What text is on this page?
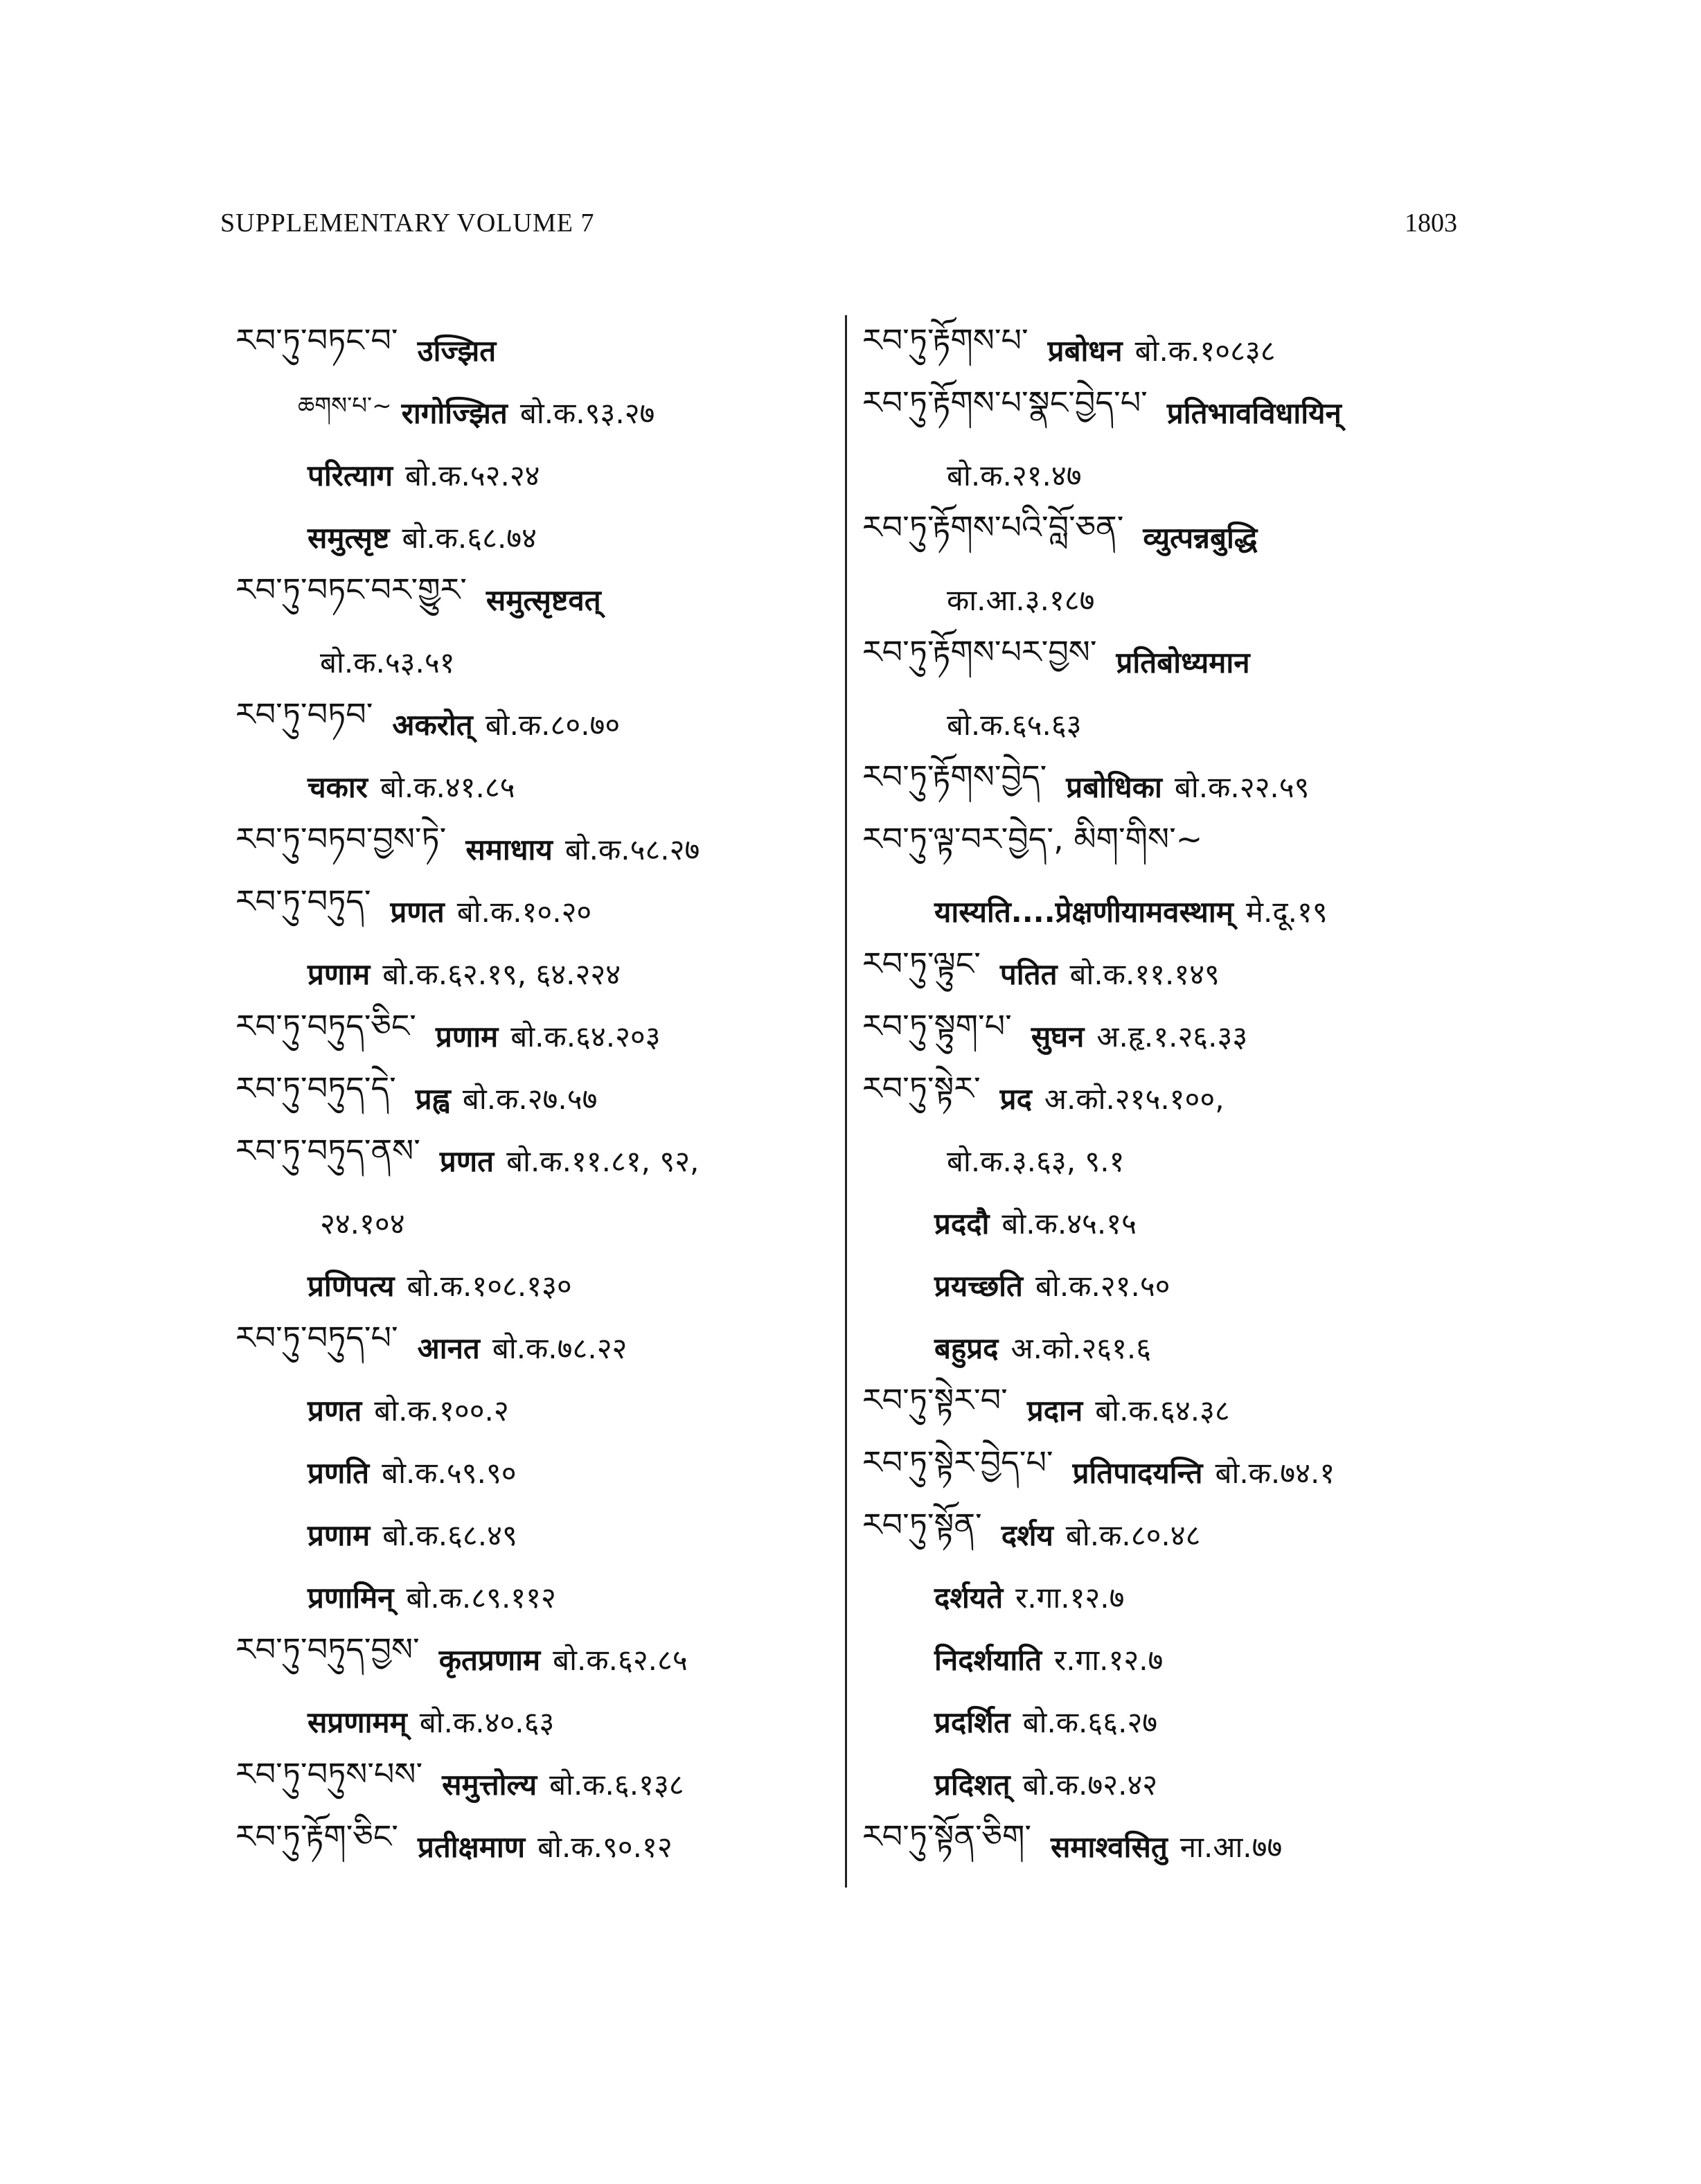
SUPPLEMENTARY VOLUME 7	1803
རབ་ཏུ་བཏང་བ་ उज्झित
ཆགས་པ་~ रागोज्झित बो.क.९३.२७
परित्याग बो.क.५२.२४
समुत्सृष्ट बो.क.६८.७४
རབ་ཏུ་བཏང་བར་གྱུར་ समुत्सृष्टवत्
बो.क.५३.५१
རབ་ཏུ་བཏབ་ अकरोत् बो.क.८०.७०
चकार बो.क.४१.८५
རབ་ཏུ་བཏབ་བྱས་ཏེ་ समाधाय बो.क.५८.२७
རབ་ཏུ་བཏུད་ प्रणत बो.क.१०.२०
प्रणाम बो.क.६२.१९, ६४.२२४
རབ་ཏུ་བཏུད་ཅིང་ प्रणाम बो.क.६४.२०३
རབ་ཏུ་བཏུད་དེ་ प्रह्व बो.क.२७.५७
རབ་ཏུ་བཏུད་ནས་ प्रणत बो.क.११.८१, ९२,
२४.१०४
प्रणिपत्य बो.क.१०८.१३०
རབ་ཏུ་བཏུད་པ་ आनत बो.क.७८.२२
प्रणत बो.क.१००.२
प्रणति बो.क.५९.९०
प्रणाम बो.क.६८.४९
प्रणामिन् बो.क.८९.११२
རབ་ཏུ་བཏུད་བྱས་ कृतप्रणाम बो.क.६२.८५
सप्रणामम् बो.क.४०.६३
རབ་ཏུ་བཏུས་པས་ समुत्तोल्य बो.क.६.१३८
རབ་ཏུ་རྟོག་ཅིང་ प्रतीक्षमाण बो.क.९०.१२
རབ་ཏུ་རྟོགས་པ་ प्रबोधन बो.क.१०८३८
རབ་ཏུ་རྟོགས་པ་སྣང་བྱེད་པ་ प्रतिभावविधायिन्
बो.क.२१.४७
རབ་ཏུ་རྟོགས་པའི་བློ་ཅན་ व्युत्पन्नबुद्धि
का.आ.३.१८७
རབ་ཏུ་རྟོགས་པར་བྱས་ प्रतिबोध्यमान
बो.क.६५.६३
རབ་ཏུ་རྟོགས་བྱེད་ प्रबोधिका बो.क.२२.५९
རབ་ཏུ་ལྟ་བར་བྱེད་, མིག་གིས་~
यास्यति....प्रेक्षणीयामवस्थाम् मे.दू.१९
རབ་ཏུ་ལྟུང་ पतित बो.क.११.१४९
རབ་ཏུ་སྟུག་པ་ सुघन अ.हृ.१.२६.३३
རབ་ཏུ་སྟེར་ प्रद अ.को.२१५.१००,
बो.क.३.६३, ९.१
प्रददौ बो.क.४५.१५
प्रयच्छति बो.क.२१.५०
बहुप्रद अ.को.२६१.६
རབ་ཏུ་སྟེར་བ་ प्रदान बो.क.६४.३८
རབ་ཏུ་སྟེར་བྱེད་པ་ प्रतिपादयन्ति बो.क.७४.१
རབ་ཏུ་སྟོན་ दर्शय बो.क.८०.४८
दर्शयते र.गा.१२.७
निदर्शयाति र.गा.१२.७
प्रदर्शित बो.क.६६.२७
प्रदिशत् बो.क.७२.४२
རབ་ཏུ་སྟོན་ཅིག་ समाश्वसितु ना.आ.७७
